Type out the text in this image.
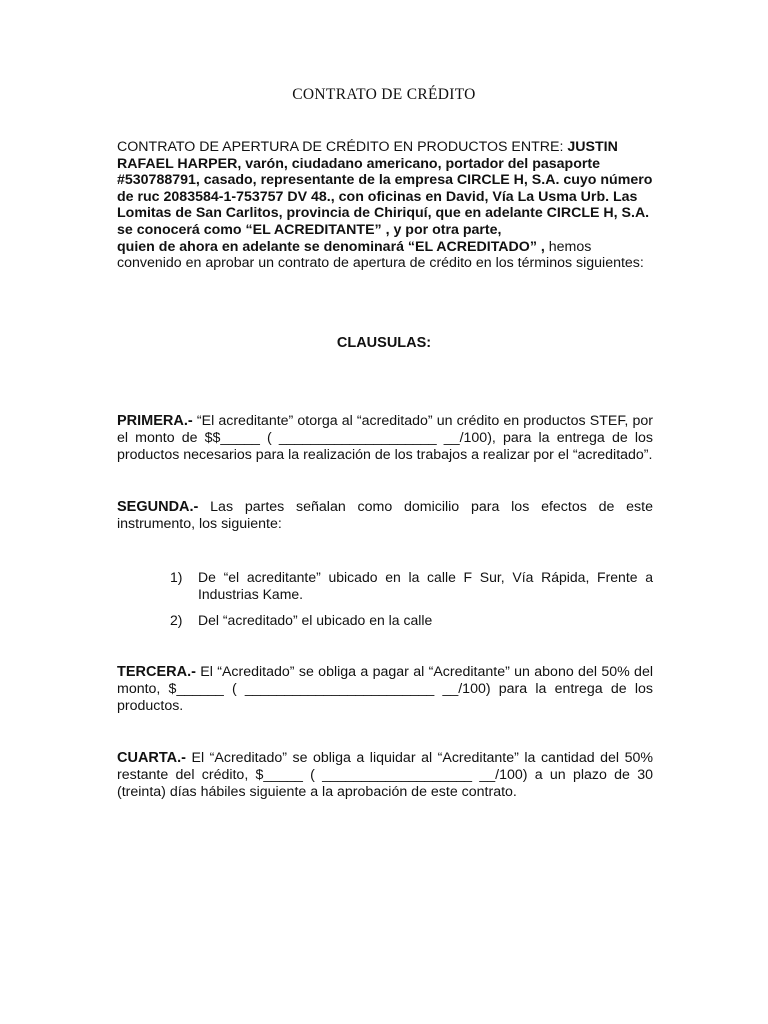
CONTRATO DE CRÉDITO
CONTRATO DE APERTURA DE CRÉDITO EN PRODUCTOS ENTRE: JUSTIN RAFAEL HARPER, varón, ciudadano americano, portador del pasaporte #530788791, casado, representante de la empresa CIRCLE H, S.A. cuyo número de ruc 2083584-1-753757 DV 48., con oficinas en David, Vía La Usma Urb. Las Lomitas de San Carlitos, provincia de Chiriquí, que en adelante CIRCLE H, S.A. se conocerá como “EL ACREDITANTE” , y por otra parte,
quien de ahora en adelante se denominará “EL ACREDITADO” , hemos convenido en aprobar un contrato de apertura de crédito en los términos siguientes:
CLAUSULAS:
PRIMERA.- “El acreditante” otorga al “acreditado” un crédito en productos STEF, por el monto de $$_____ ( ____________________ __/100), para la entrega de los productos necesarios para la realización de los trabajos a realizar por el “acreditado”.
SEGUNDA.- Las partes señalan como domicilio para los efectos de este instrumento, los siguiente:
1) De “el acreditante” ubicado en la calle F Sur, Vía Rápida, Frente a Industrias Kame.
2) Del “acreditado” el ubicado en la calle
TERCERA.- El “Acreditado” se obliga a pagar al “Acreditante” un abono del 50% del monto, $______ ( ________________________ __/100) para la entrega de los productos.
CUARTA.- El “Acreditado” se obliga a liquidar al “Acreditante” la cantidad del 50% restante del crédito, $_____ ( ___________________ __/100) a un plazo de 30 (treinta) días hábiles siguiente a la aprobación de este contrato.
